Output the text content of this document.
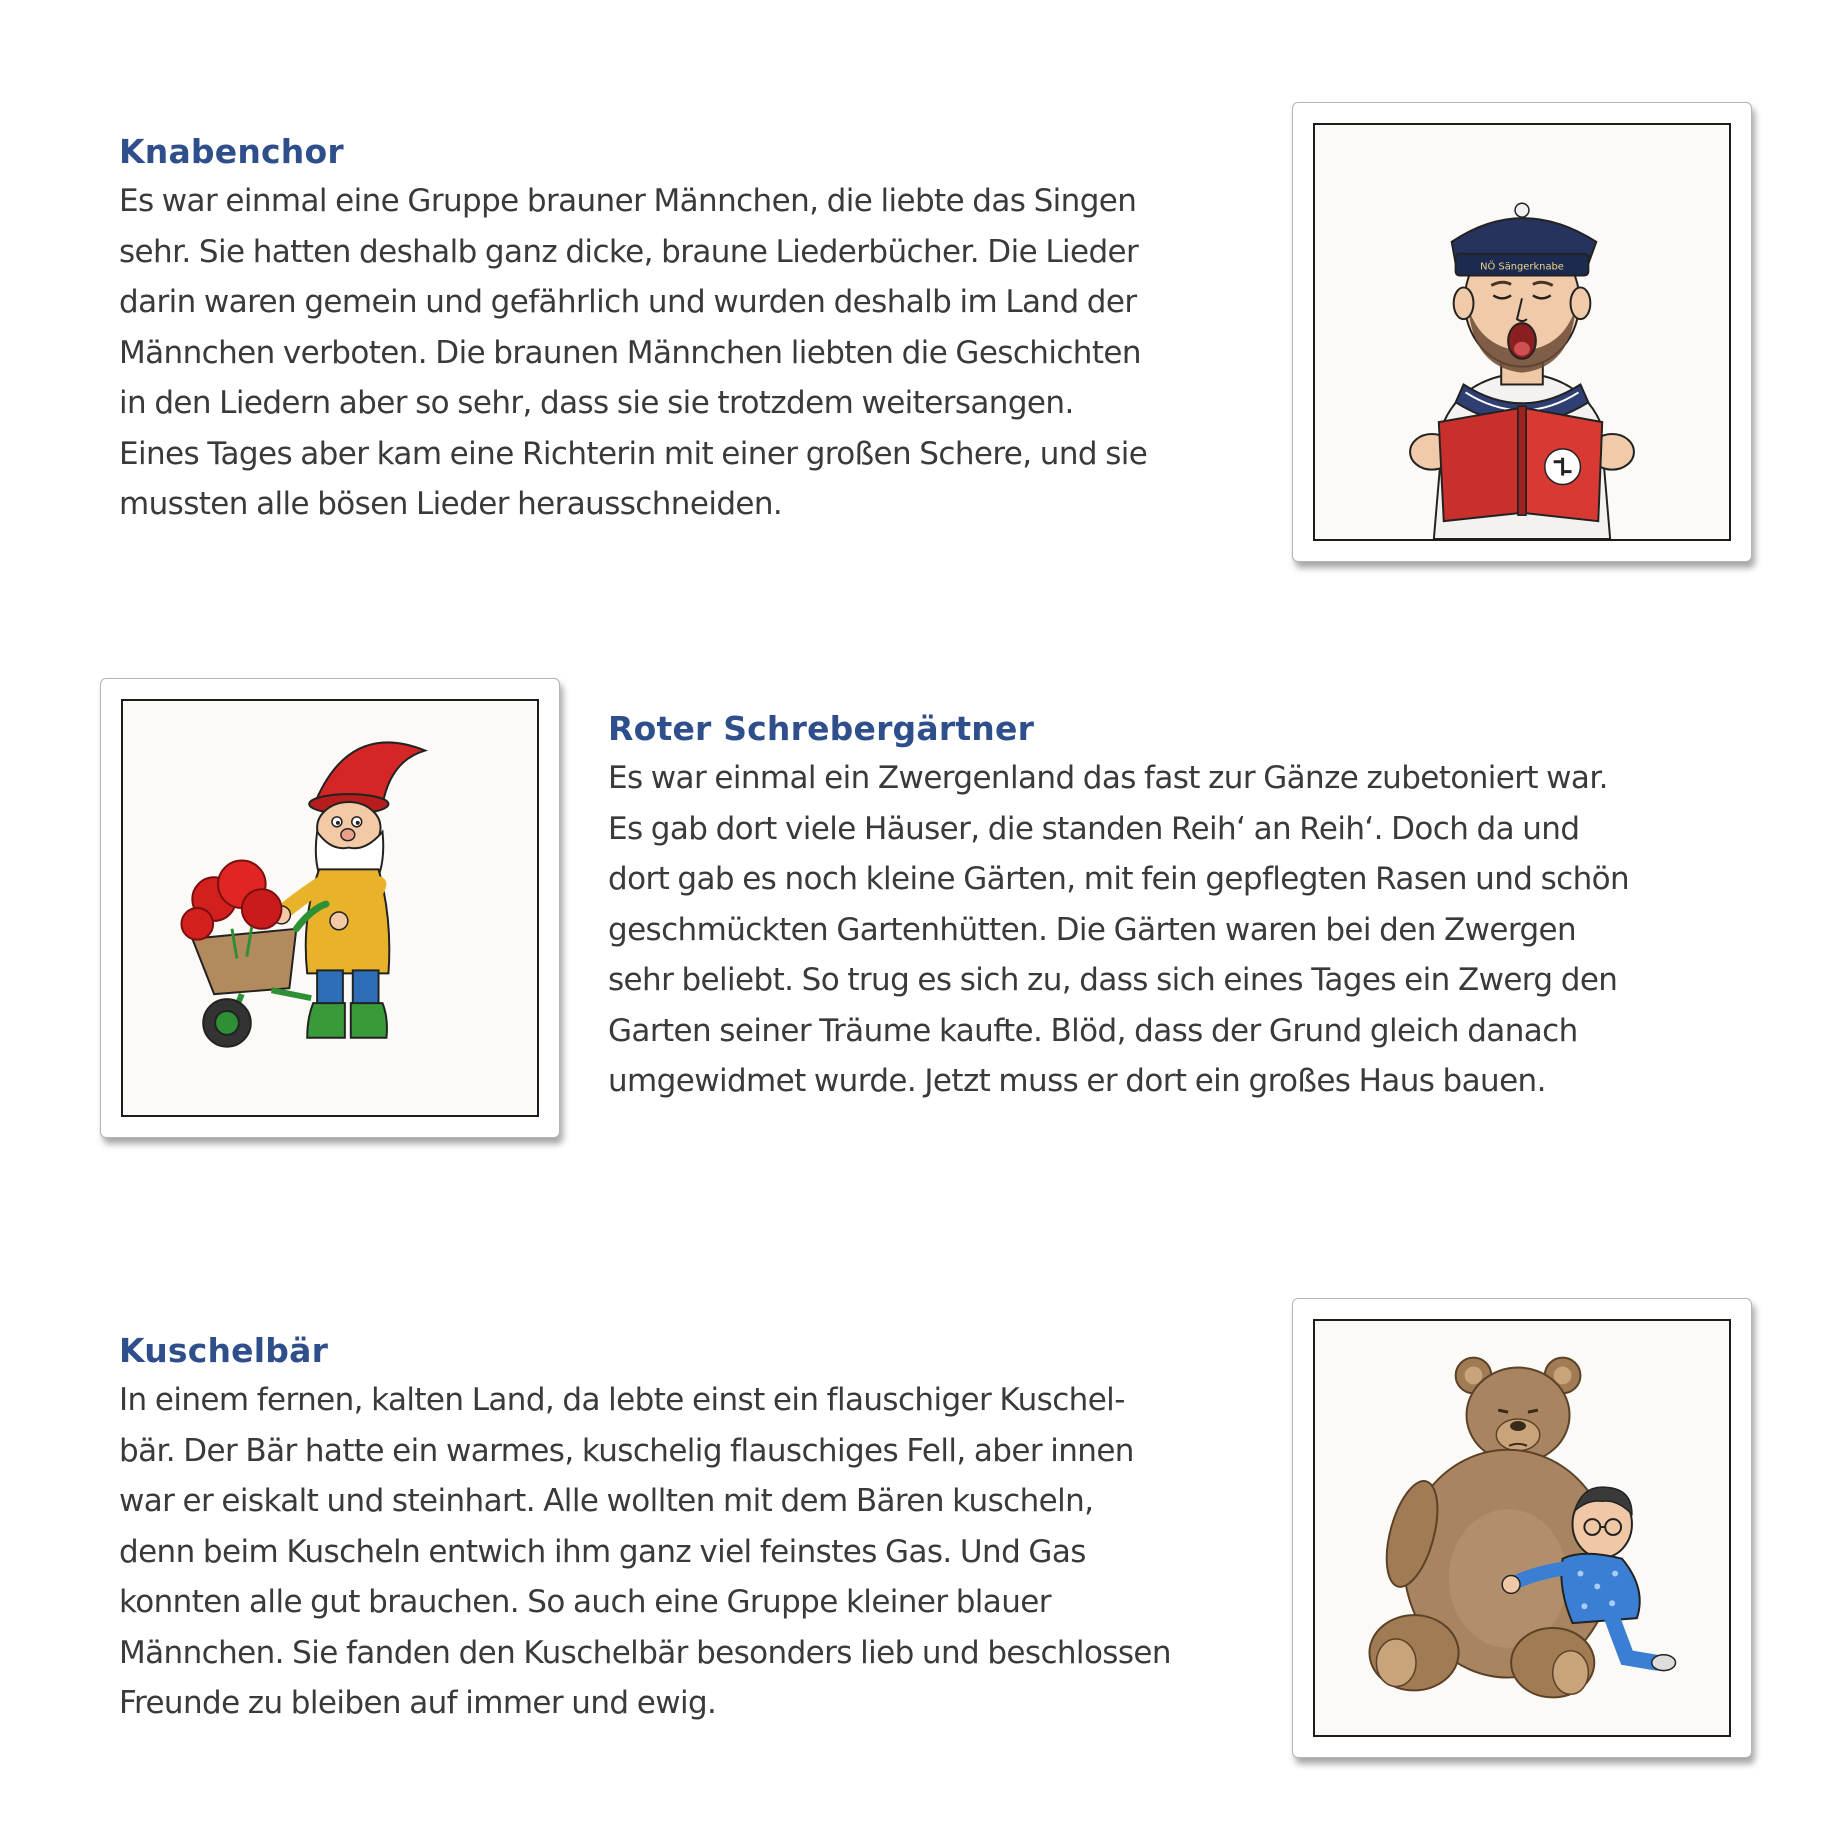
Knabenchor
Es war einmal eine Gruppe brauner Männchen, die liebte das Singen
sehr. Sie hatten deshalb ganz dicke, braune Liederbücher. Die Lieder
darin waren gemein und gefährlich und wurden deshalb im Land der
Männchen verboten. Die braunen Männchen liebten die Geschichten
in den Liedern aber so sehr, dass sie sie trotzdem weitersangen.
Eines Tages aber kam eine Richterin mit einer großen Schere, und sie
mussten alle bösen Lieder herausschneiden.
NÖ Sängerknabe
Roter Schrebergärtner
Es war einmal ein Zwergenland das fast zur Gänze zubetoniert war.
Es gab dort viele Häuser, die standen Reih‘ an Reih‘. Doch da und
dort gab es noch kleine Gärten, mit fein gepflegten Rasen und schön
geschmückten Gartenhütten. Die Gärten waren bei den Zwergen
sehr beliebt. So trug es sich zu, dass sich eines Tages ein Zwerg den
Garten seiner Träume kaufte. Blöd, dass der Grund gleich danach
umgewidmet wurde. Jetzt muss er dort ein großes Haus bauen.
Kuschelbär
In einem fernen, kalten Land, da lebte einst ein flauschiger Kuschel-
bär. Der Bär hatte ein warmes, kuschelig flauschiges Fell, aber innen
war er eiskalt und steinhart. Alle wollten mit dem Bären kuscheln,
denn beim Kuscheln entwich ihm ganz viel feinstes Gas. Und Gas
konnten alle gut brauchen. So auch eine Gruppe kleiner blauer
Männchen. Sie fanden den Kuschelbär besonders lieb und beschlossen
Freunde zu bleiben auf immer und ewig.
